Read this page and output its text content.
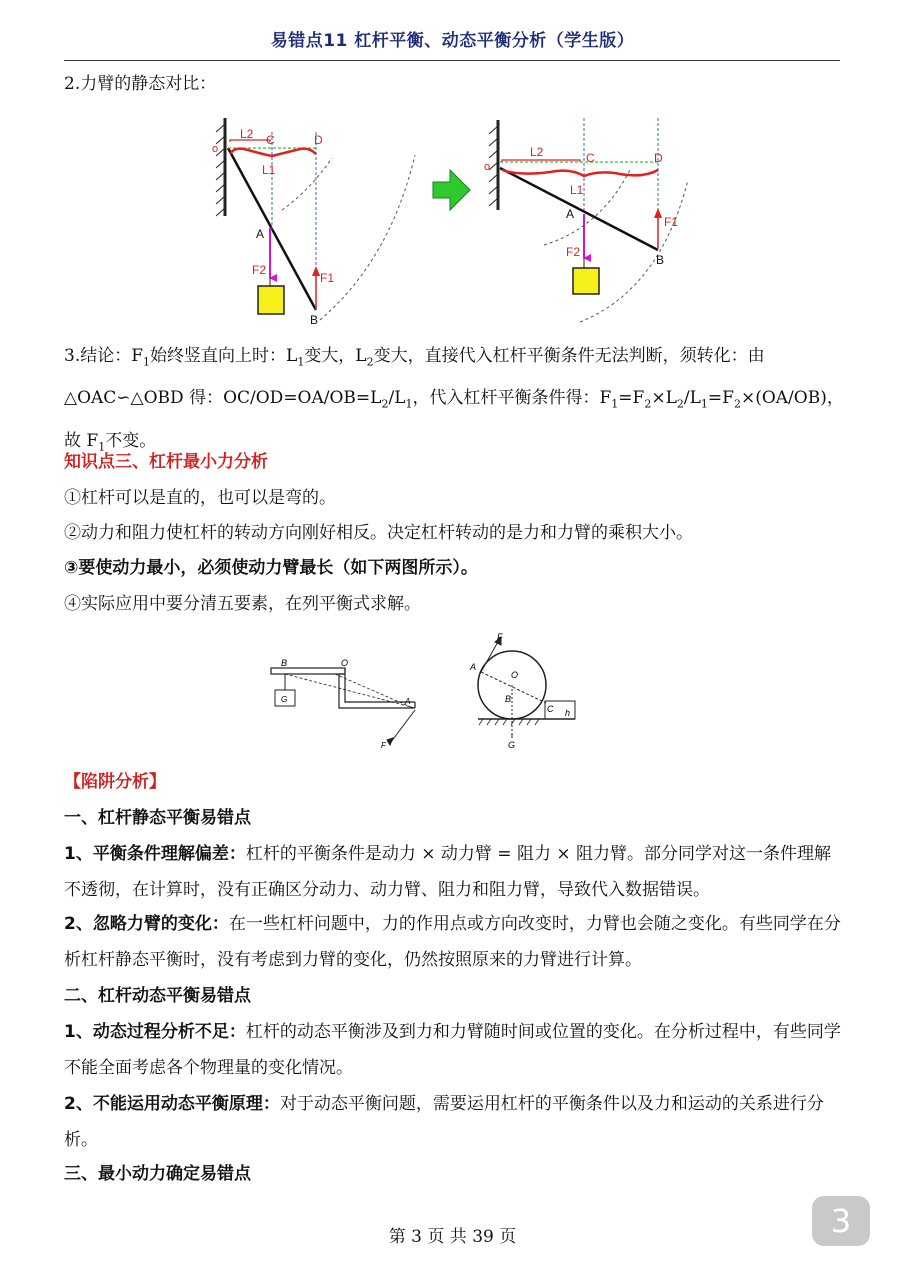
易错点11 杠杆平衡、动态平衡分析（学生版）
2.力臂的静态对比：
o
L2 C	D
L1
A
B
F1
F2
o
L2	C	D
L1
A
B
F1
F2
3.结论：$F_1$始终竖直向上时：$L_1$变大，$L_2$变大，直接代入杠杆平衡条件无法判断，须转化：由△OAC∽△OBD 得：$OC/OD=OA/OB=L_2/L_1$，代入杠杆平衡条件得：$F_1=F_2\times L_2/L_1=F_2\times(OA/OB)$，故 $F_1$不变。
知识点三、杠杆最小力分析
①杠杆可以是直的，也可以是弯的。
②动力和阻力使杠杆的转动方向刚好相反。决定杠杆转动的是力和力臂的乘积大小。
③要使动力最小，必须使动力臂最长（如下两图所示）。
④实际应用中要分清五要素，在列平衡式求解。
B	O
G	A
F
F
A
O
B
C h
G
【陷阱分析】
一、杠杆静态平衡易错点
1、平衡条件理解偏差：杠杆的平衡条件是动力 × 动力臂 = 阻力 × 阻力臂。部分同学对这一条件理解不透彻，在计算时，没有正确区分动力、动力臂、阻力和阻力臂，导致代入数据错误。
2、忽略力臂的变化：在一些杠杆问题中，力的作用点或方向改变时，力臂也会随之变化。有些同学在分析杠杆静态平衡时，没有考虑到力臂的变化，仍然按照原来的力臂进行计算。
二、杠杆动态平衡易错点
1、动态过程分析不足：杠杆的动态平衡涉及到力和力臂随时间或位置的变化。在分析过程中，有些同学不能全面考虑各个物理量的变化情况。
2、不能运用动态平衡原理：对于动态平衡问题，需要运用杠杆的平衡条件以及力和运动的关系进行分析。
三、最小动力确定易错点
第 3 页 共 39 页	3
